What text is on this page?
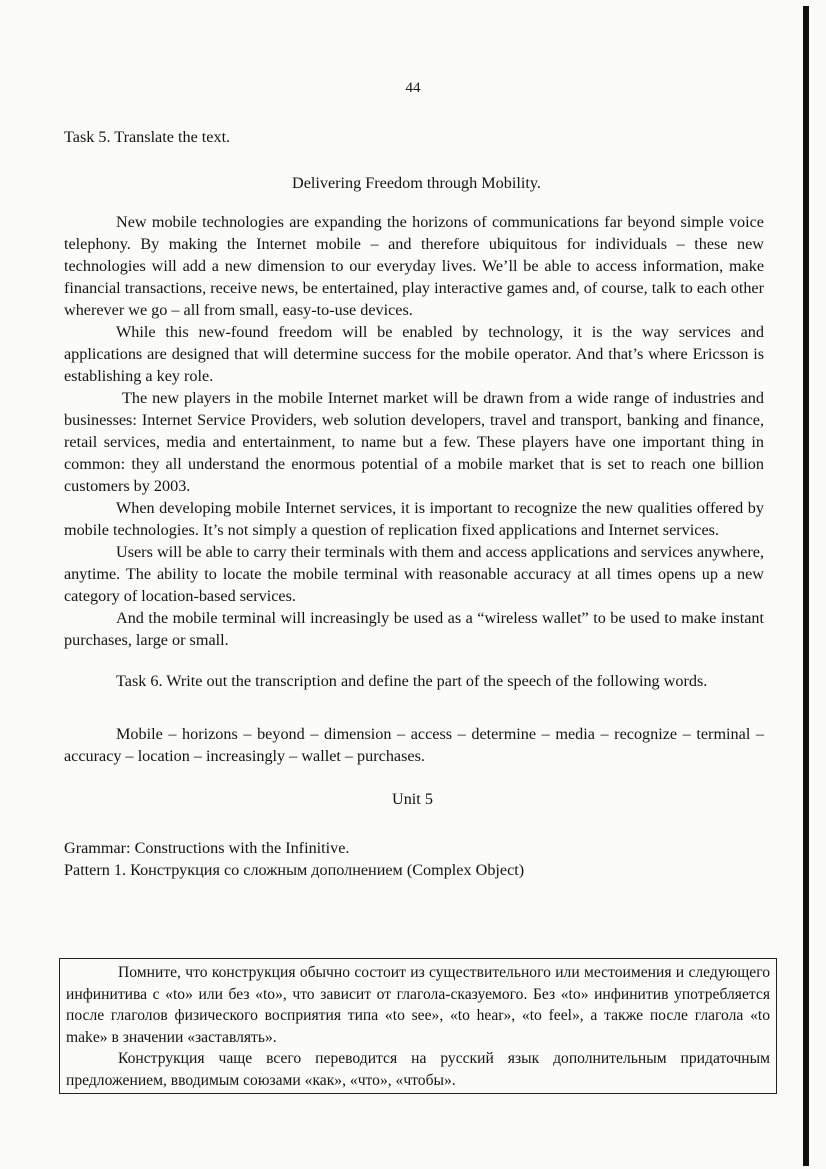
44

Task 5. Translate the text.

Delivering Freedom through Mobility.

New mobile technologies are expanding the horizons of communications far beyond simple voice telephony. By making the Internet mobile – and therefore ubiquitous for individuals – these new technologies will add a new dimension to our everyday lives. We’ll be able to access information, make financial transactions, receive news, be entertained, play interactive games and, of course, talk to each other wherever we go – all from small, easy-to-use devices.

While this new-found freedom will be enabled by technology, it is the way services and applications are designed that will determine success for the mobile operator. And that’s where Ericsson is establishing a key role.

The new players in the mobile Internet market will be drawn from a wide range of industries and businesses: Internet Service Providers, web solution developers, travel and transport, banking and finance, retail services, media and entertainment, to name but a few. These players have one important thing in common: they all understand the enormous potential of a mobile market that is set to reach one billion customers by 2003.

When developing mobile Internet services, it is important to recognize the new qualities offered by mobile technologies. It’s not simply a question of replication fixed applications and Internet services.

Users will be able to carry their terminals with them and access applications and services anywhere, anytime. The ability to locate the mobile terminal with reasonable accuracy at all times opens up a new category of location-based services.

And the mobile terminal will increasingly be used as a “wireless wallet” to be used to make instant purchases, large or small.

Task 6. Write out the transcription and define the part of the speech of the following words.

Mobile – horizons – beyond – dimension – access – determine – media – recognize – terminal – accuracy – location – increasingly – wallet – purchases.

Unit 5

Grammar: Constructions with the Infinitive.

Pattern 1. Конструкция со сложным дополнением (Complex Object)

Помните, что конструкция обычно состоит из существительного или местоимения и следующего инфинитива с «to» или без «to», что зависит от глагола-сказуемого. Без «to» инфинитив употребляется после глаголов физического восприятия типа «to see», «to hear», «to feel», а также после глагола «to make» в значении «заставлять».

Конструкция чаще всего переводится на русский язык дополнительным придаточным предложением, вводимым союзами «как», «что», «чтобы».
